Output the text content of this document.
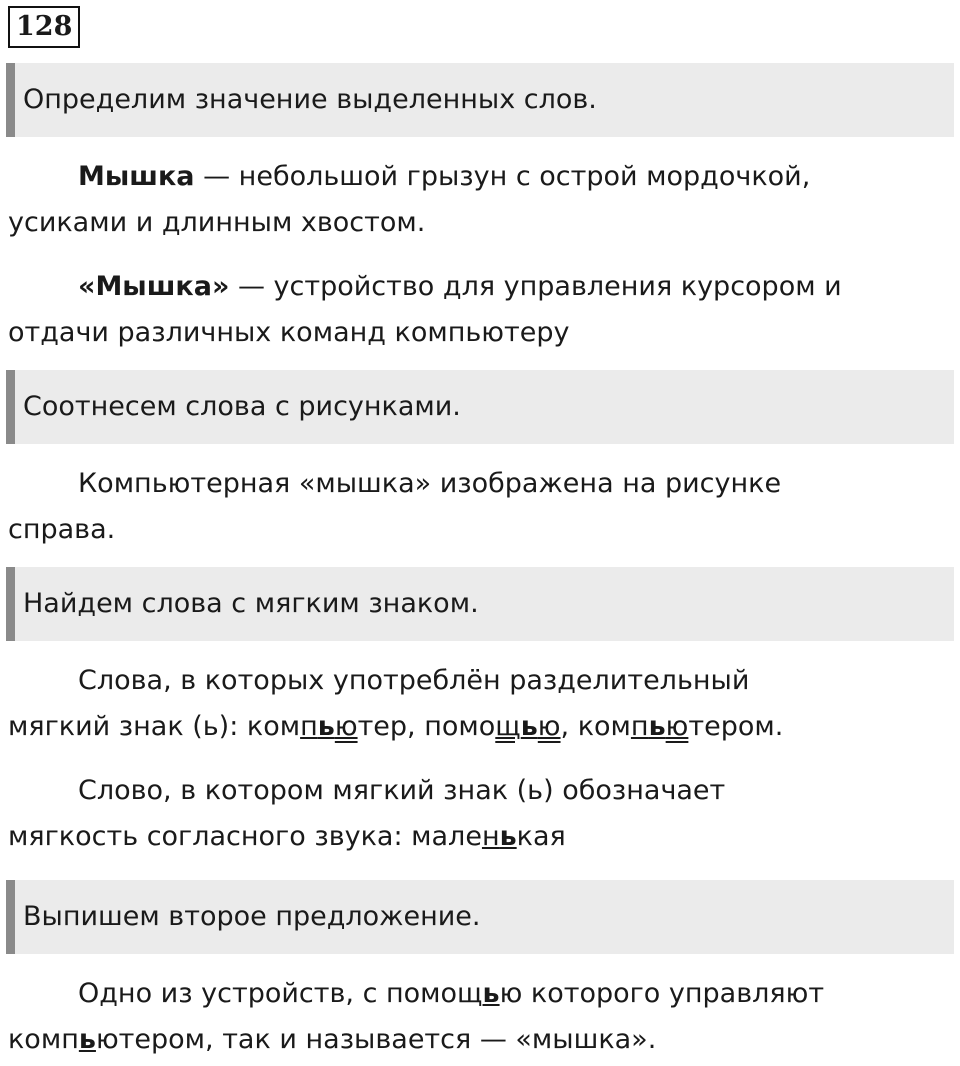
128
Определим значение выделенных слов.
Мышка — небольшой грызун с острой мордочкой,
усиками и длинным хвостом.
«Мышка» — устройство для управления курсором и
отдачи различных команд компьютеру
Соотнесем слова с рисунками.
Компьютерная «мышка» изображена на рисунке
справа.
Найдем слова с мягким знаком.
Слова, в которых употреблён разделительный
мягкий знак (ь): компьютер, помощью, компьютером.
Слово, в котором мягкий знак (ь) обозначает
мягкость согласного звука: маленькая
Выпишем второе предложение.
Одно из устройств, с помощью которого управляют
компьютером, так и называется — «мышка».
